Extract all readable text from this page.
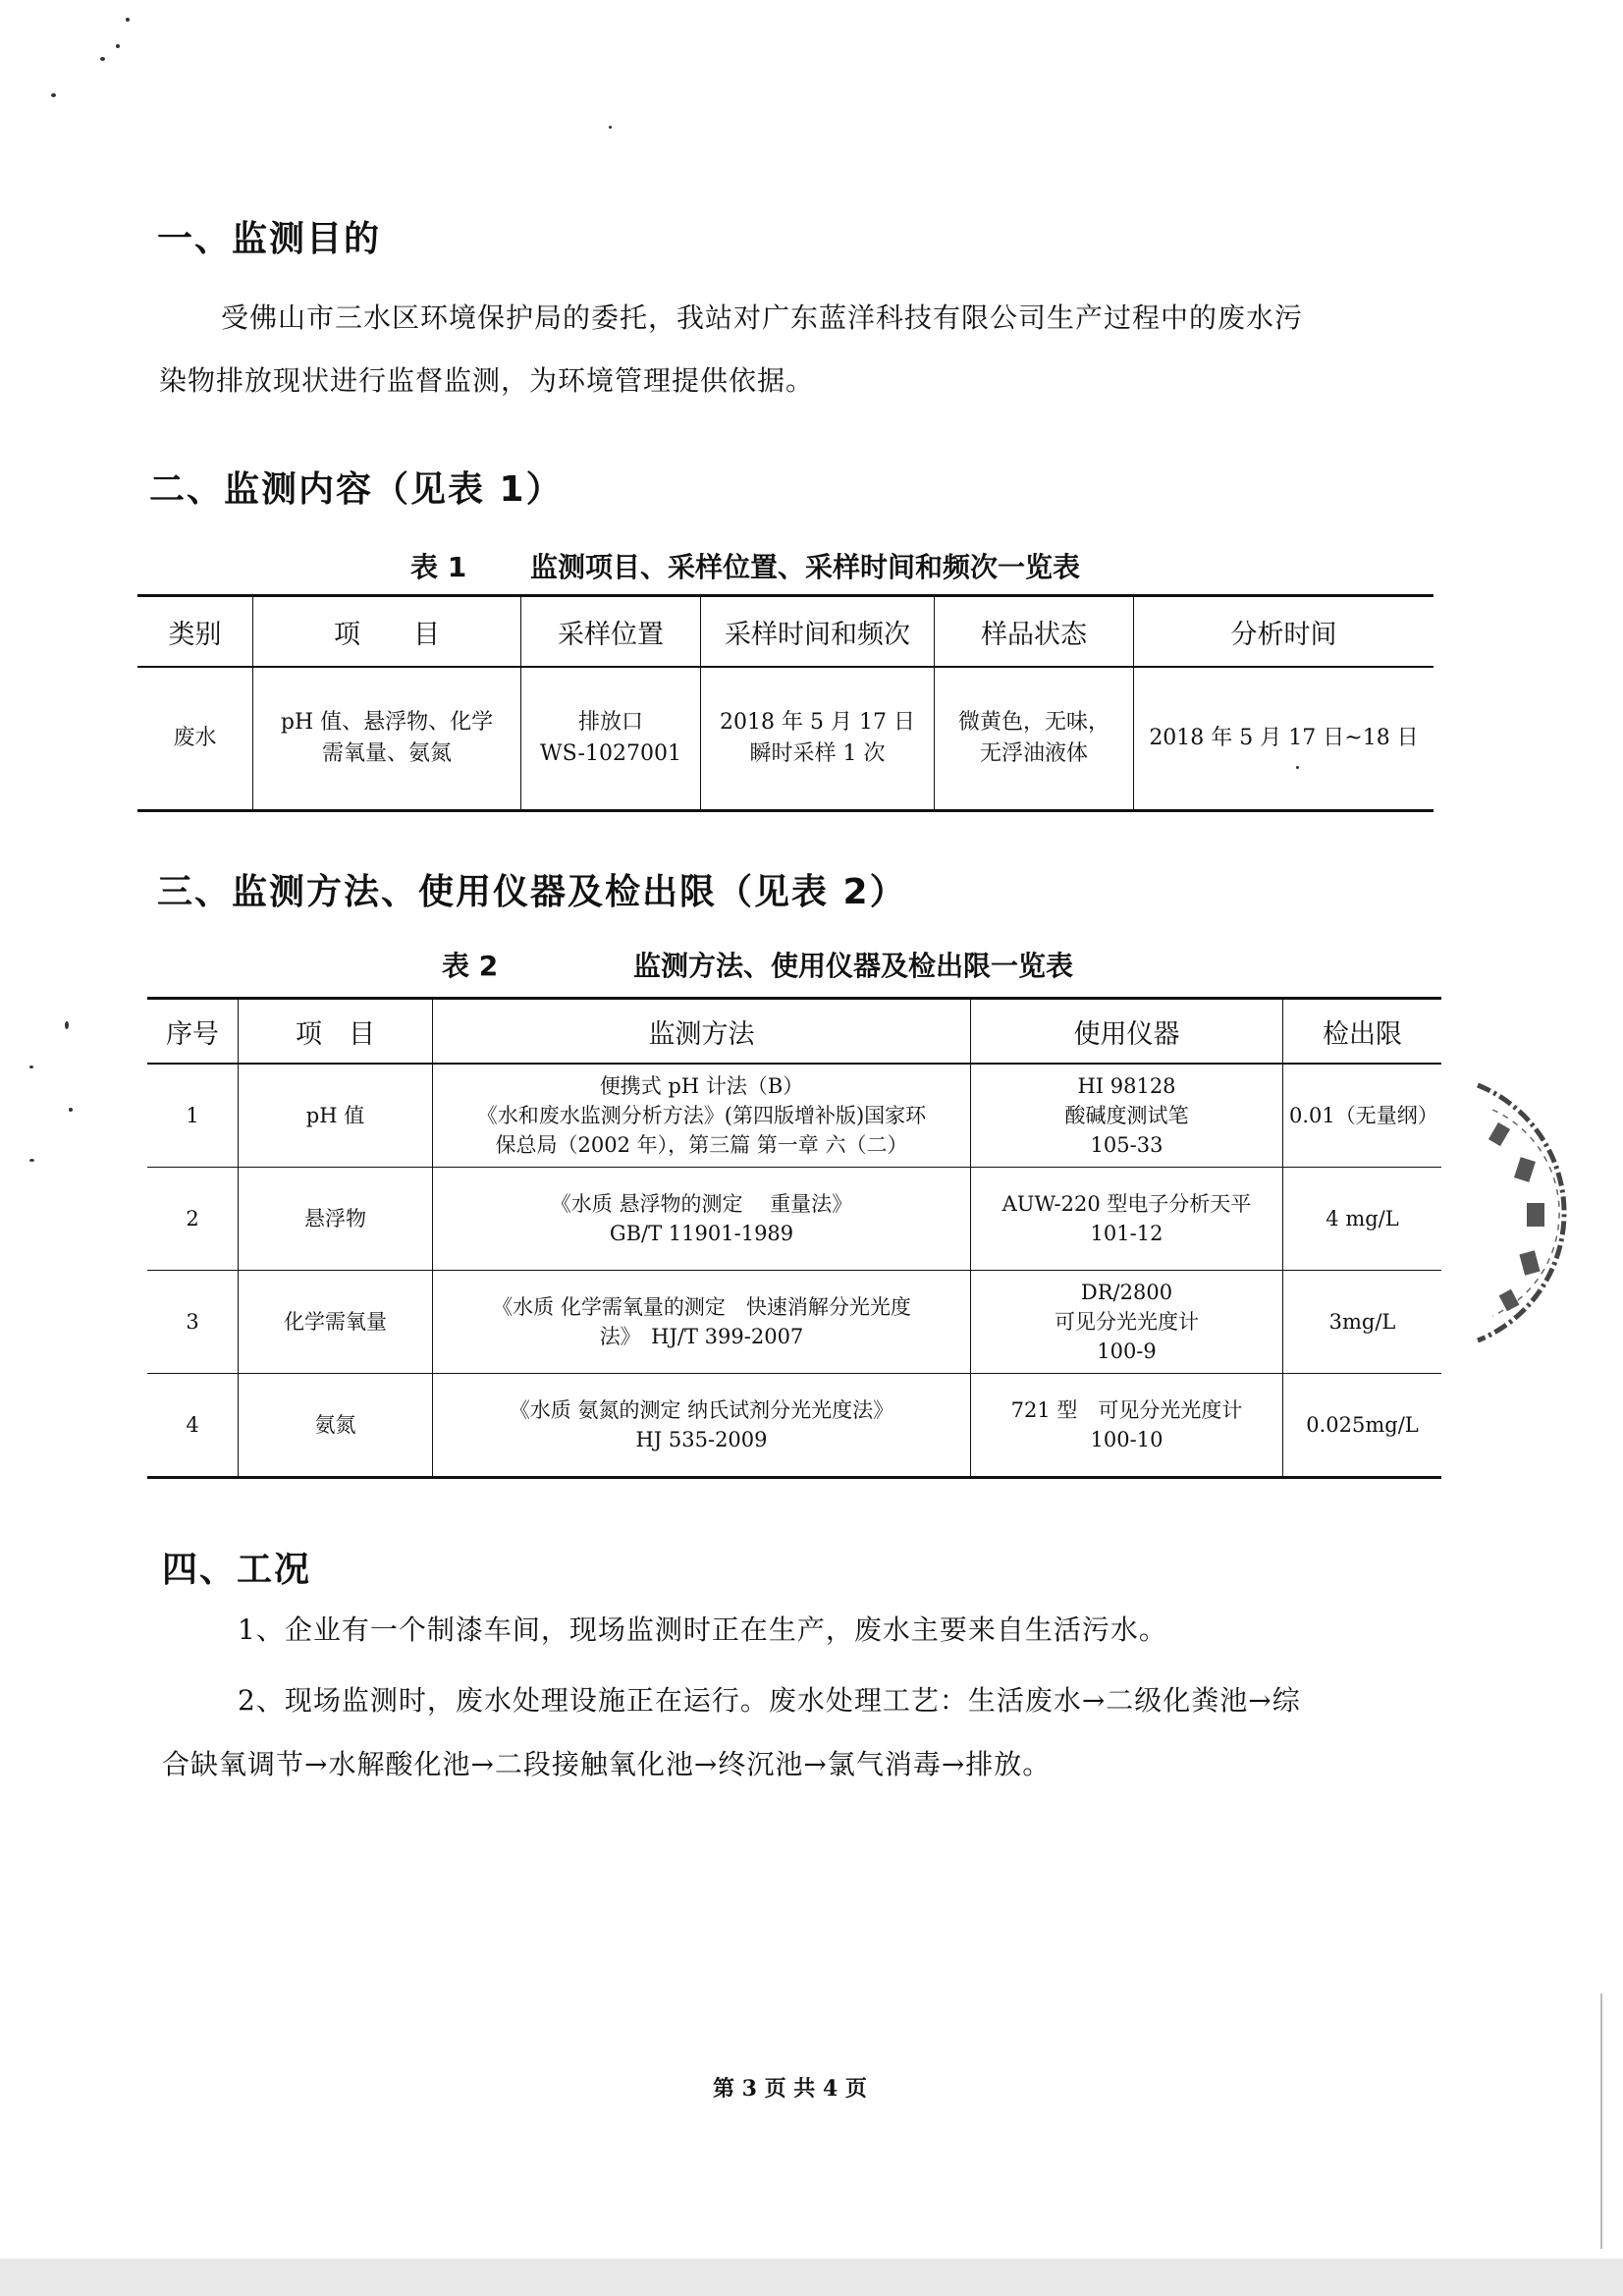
一、监测目的
受佛山市三水区环境保护局的委托，我站对广东蓝洋科技有限公司生产过程中的废水污
染物排放现状进行监督监测，为环境管理提供依据。
二、监测内容（见表 1）
表 1 监测项目、采样位置、采样时间和频次一览表
类别	项　　目	采样位置	采样时间和频次	样品状态	分析时间
废水	pH 值、悬浮物、化学
需氧量、氨氮	排放口
WS-1027001	2018 年 5 月 17 日
瞬时采样 1 次	微黄色，无味，
无浮油液体	2018 年 5 月 17 日~18 日
三、监测方法、使用仪器及检出限（见表 2）
表 2	监测方法、使用仪器及检出限一览表
序号	项　目	监测方法	使用仪器	检出限
1	pH 值	便携式 pH 计法（B）
《水和废水监测分析方法》(第四版增补版)国家环
保总局（2002 年），第三篇 第一章 六（二）	HI 98128
酸碱度测试笔
105-33	0.01（无量纲）
2	悬浮物	《水质 悬浮物的测定　 重量法》
GB/T 11901-1989	AUW-220 型电子分析天平
101-12	4 mg/L
3	化学需氧量	《水质 化学需氧量的测定　快速消解分光光度
法》　HJ/T 399-2007	DR/2800
可见分光光度计
100-9	3mg/L
4	氨氮	《水质 氨氮的测定 纳氏试剂分光光度法》
HJ 535-2009	721 型　可见分光光度计
100-10	0.025mg/L
四、工况
1、企业有一个制漆车间，现场监测时正在生产，废水主要来自生活污水。
2、现场监测时，废水处理设施正在运行。废水处理工艺：生活废水→二级化粪池→综
合缺氧调节→水解酸化池→二段接触氧化池→终沉池→氯气消毒→排放。
第 3 页 共 4 页
